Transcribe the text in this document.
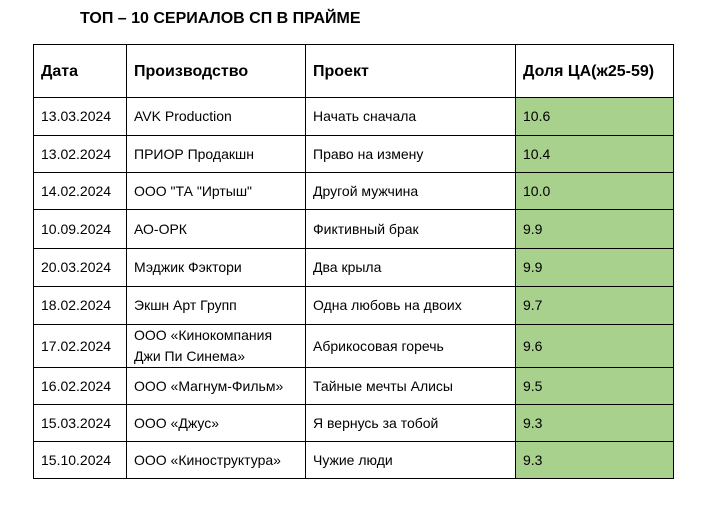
ТОП – 10 СЕРИАЛОВ СП В ПРАЙМЕ
Дата	Производство	Проект	Доля ЦА(ж25-59)
13.03.2024	AVK Production	Начать сначала	10.6
13.02.2024	ПРИОР Продакшн	Право на измену	10.4
14.02.2024	ООО "ТА "Иртыш"	Другой мужчина	10.0
10.09.2024	АО-ОРК	Фиктивный брак	9.9
20.03.2024	Мэджик Фэктори	Два крыла	9.9
18.02.2024	Экшн Арт Групп	Одна любовь на двоих	9.7
17.02.2024	ООО «Кинокомпания Джи Пи Синема»	Абрикосовая горечь	9.6
16.02.2024	ООО «Магнум-Фильм»	Тайные мечты Алисы	9.5
15.03.2024	ООО «Джус»	Я вернусь за тобой	9.3
15.10.2024	ООО «Киноструктура»	Чужие люди	9.3
